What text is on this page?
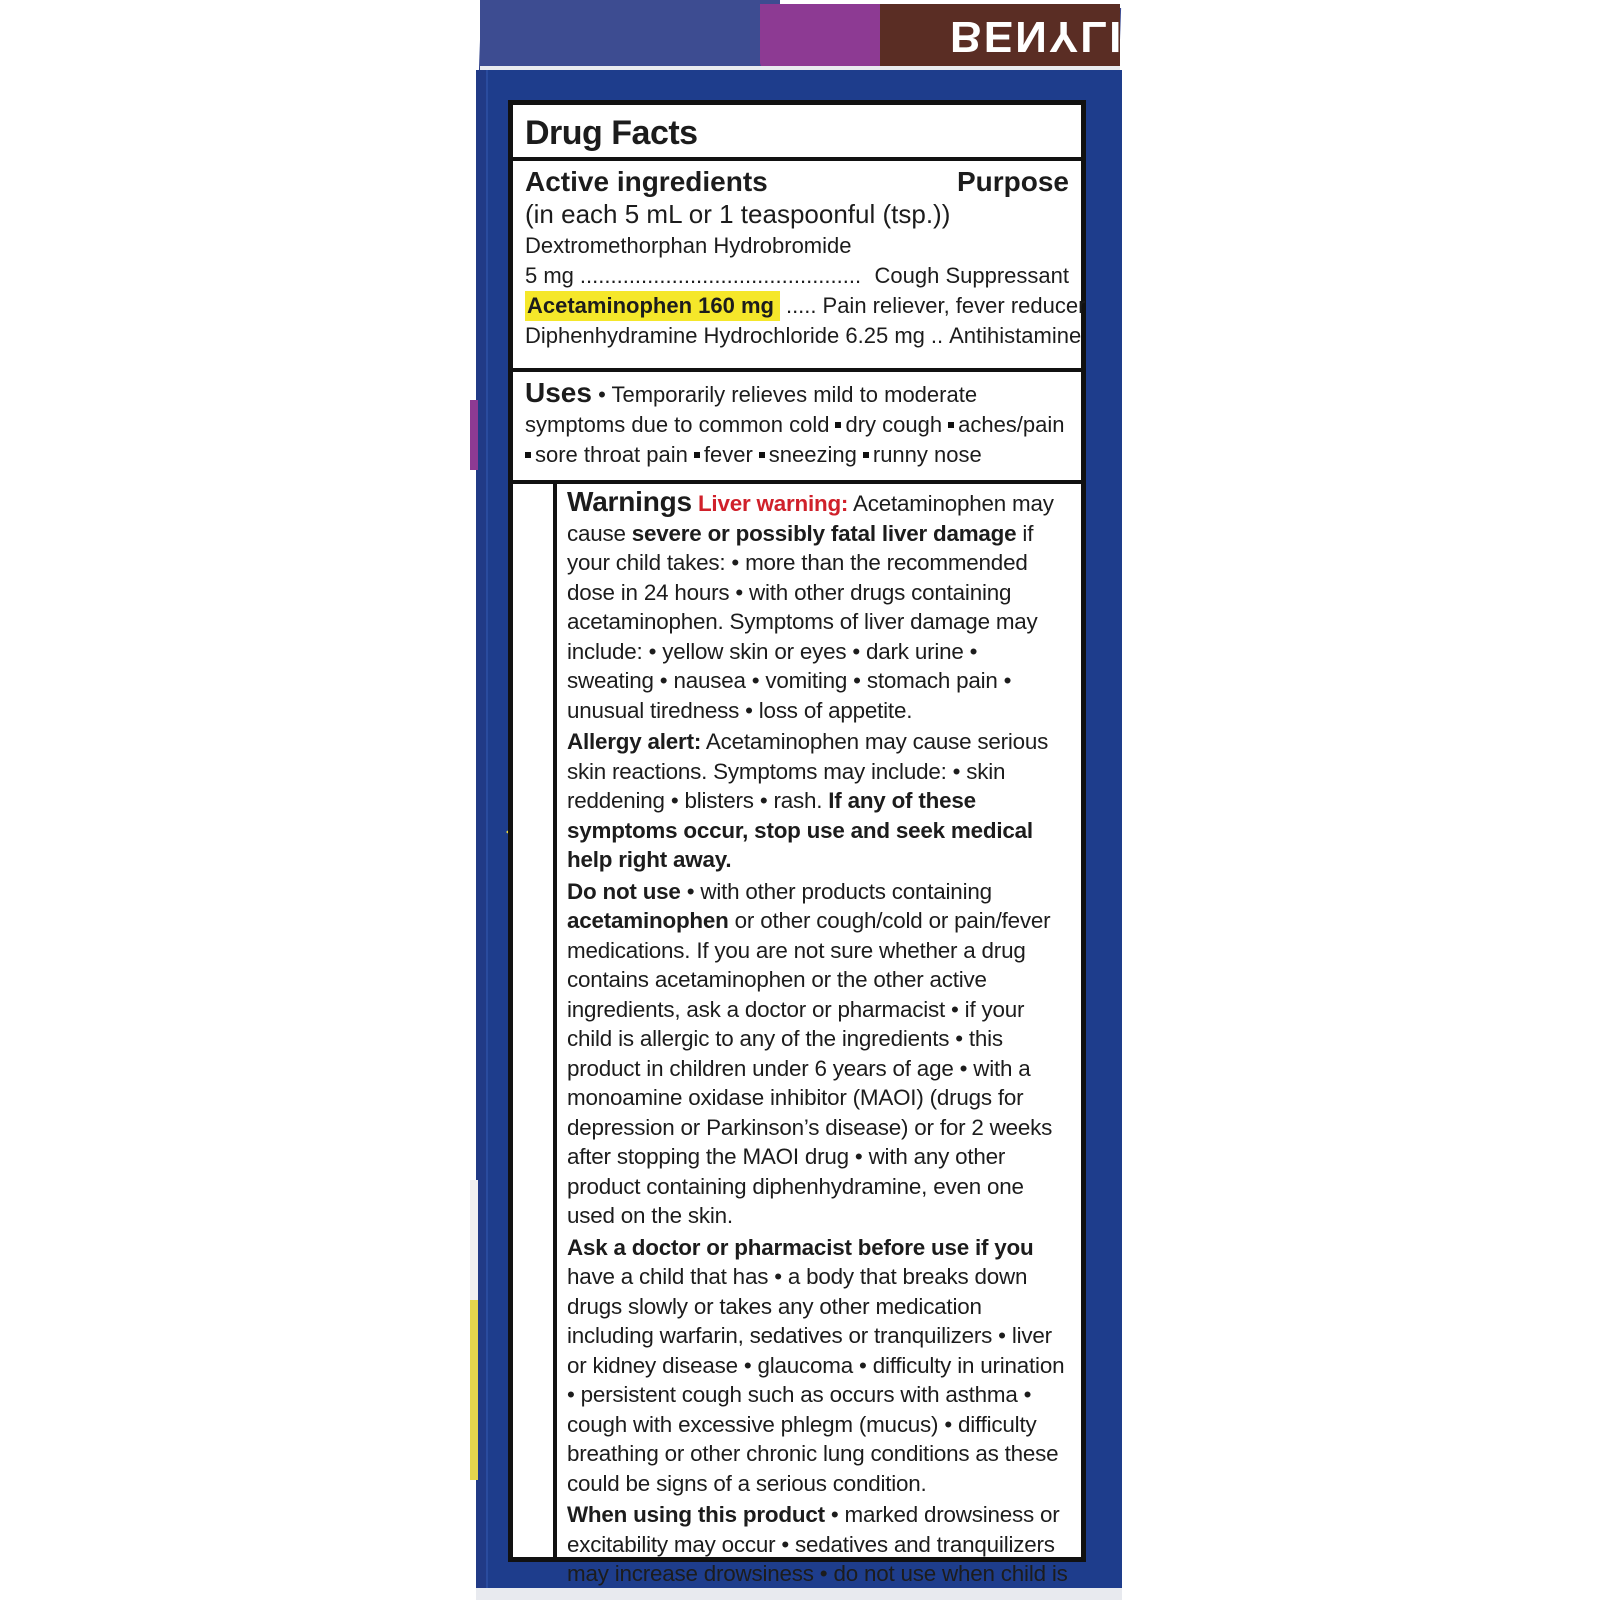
BENYLIN
Drug Facts
Active ingredients	Purpose
(in each 5 mL or 1 teaspoonful (tsp.))
Dextromethorphan Hydrobromide
5 mg .............................................. Cough Suppressant
Acetaminophen 160 mg ..... Pain reliever, fever reducer
Diphenhydramine Hydrochloride 6.25 mg .. Antihistamine
Uses • Temporarily relieves mild to moderate
symptoms due to common cold dry cough aches/pain
sore throat pain fever sneezing runny nose

Warnings Liver warning: Acetaminophen may cause severe or possibly fatal liver damage if your child takes: • more than the recommended dose in 24 hours • with other drugs containing acetaminophen. Symptoms of liver damage may include: • yellow skin or eyes • dark urine • sweating • nausea • vomiting • stomach pain • unusual tiredness • loss of appetite.

Allergy alert: Acetaminophen may cause serious skin reactions. Symptoms may include: • skin reddening • blisters • rash. If any of these symptoms occur, stop use and seek medical help right away.

Do not use • with other products containing acetaminophen or other cough/cold or pain/fever medications. If you are not sure whether a drug contains acetaminophen or the other active ingredients, ask a doctor or pharmacist • if your child is allergic to any of the ingredients • this product in children under 6 years of age • with a monoamine oxidase inhibitor (MAOI) (drugs for depression or Parkinson’s disease) or for 2 weeks after stopping the MAOI drug • with any other product containing diphenhydramine, even one used on the skin.

Ask a doctor or pharmacist before use if you have a child that has • a body that breaks down drugs slowly or takes any other medication including warfarin, sedatives or tranquilizers • liver or kidney disease • glaucoma • difficulty in urination • persistent cough such as occurs with asthma • cough with excessive phlegm (mucus) • difficulty breathing or other chronic lung conditions as these could be signs of a serious condition.

When using this product • marked drowsiness or excitability may occur • sedatives and tranquilizers may increase drowsiness • do not use when child is
